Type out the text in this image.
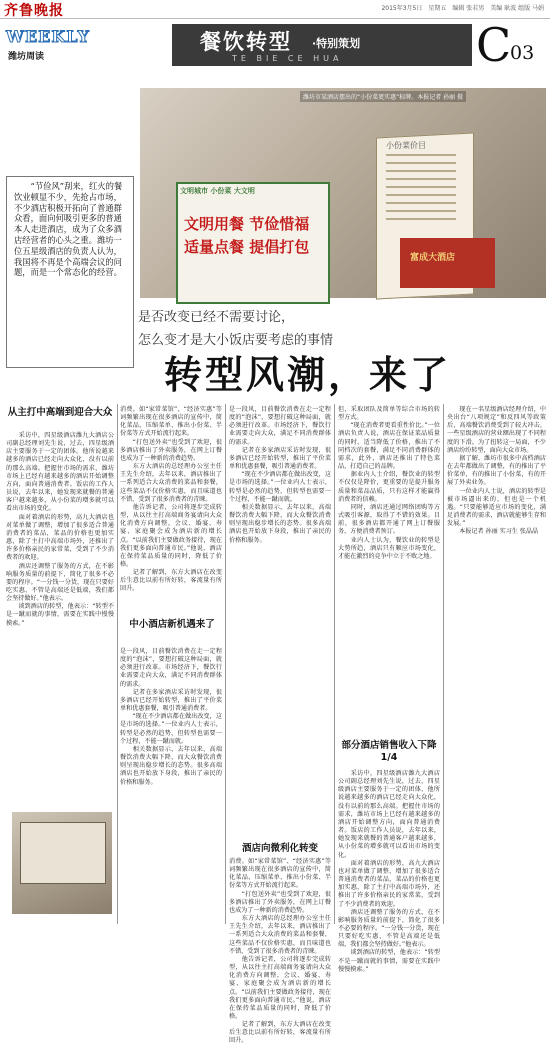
齐鲁晚报	2015年3月5日　星期五　编辑 张若男　美编 耿波 组版 马娟
WEEKLY
潍坊周读
餐饮转型 ·特别策划
TE BIE CE HUA	C
03
小份菜价目
富成大酒店
文明城市 小份菜 大文明
文明用餐 节俭惜福
适量点餐 提倡打包
潍坊市某酒店摆出的“小份菜更实惠”标牌。本报记者 孙丽 摄
　　“节俭风”刮来，红火的餐饮业顿显不少，先抢占市场，不少酒店积极开拓向了普通群众看，面向何吸引更多的普通本人走进酒店，成为了众多酒店经营者的心头之重。潍坊一位五星级酒店的负责人认为，我国将不再是个高端会议的问题，而是一个常态化的经营。
是否改变已经不需要讨论，
怎么变才是大小饭店要考虑的事情
转型风潮，来了
从主打中高端到迎合大众
　　采访中，四星级酒店潍九大酒店公司副总经理刘先生说，过去，四星级酒店主要服务于一定的团体，他所说越来越多的酒店已经走向大众化，没有以前的那么高端。把握住市场的需求，潍坊市场上已经有越来越多的酒店开始调整方向，面向普通消费者。饭店的工作人员说，去年以来，她发现来就餐的普通客户越来越多，从小份菜的增多就可以看出市场的变化。
　　面对着酒店的形势，高九大酒店也对菜单做了调整，增加了很多适合普通消费者的菜品，菜品的价格也更加实惠，除了主打中高端市场外，还推出了许多价格亲民的家常菜，受到了不少消费者的欢迎。
　　酒店还调整了服务的方式，在不影响服务质量的前提下，简化了很多不必要的程序。“一分钱一分货，现在只要好吃实惠，不管是高端还是低端，我们都会坚持做好。”他表示。
　　谈到酒店的转型，他表示：“转型不是一蹴而就的事情，需要在实践中慢慢摸索。”
消费。如“家常菜馆”、“经济实惠”等词频繁出现在很多酒店的宣传中，简化菜品、压缩菜单、推出小份菜、半份菜等方式开始流行起来。
　　“打包送外卖”也受到了欢迎，很多酒店推出了外卖服务，在网上订餐也成为了一种新的消费趋势。
　　东方大酒店的总经理办公室主任王先生介绍，去年以来，酒店推出了一系列适合大众消费的菜品和套餐，这些菜品不仅价格实惠，而且味道也不错，受到了很多消费者的青睐。
　　他告诉记者，公司将逐步完成转型，从以往主打高端商务宴请向大众化消费方向调整，会议、婚宴、寿宴、家庭聚会成为酒店新的增长点。“以前我们主要做政务接待，现在我们更多面向普通市民。”他说，酒店在保持菜品质量的同时，降低了价格。
　　记者了解到，东方大酒店在改变后生意比以前有所好转，客流量有所回升。
中小酒店新机遇来了
是一段风，目前餐饮消费在走一定程度的“泡沫”，要想打破这种局面，就必须进行改革。市场经济下，餐饮行业需要走向大众，满足不同消费群体的需求。
　　记者在多家酒店采访时发现，很多酒店已经开始转型，推出了平价菜单和优惠套餐，吸引普通消费者。
　　“现在不少酒店都在做出改变，这是市场的选择。”一位业内人士表示，转型是必然的趋势，但转型也需要一个过程，不能一蹴而就。
　　相关数据显示，去年以来，高端餐饮消费大幅下降，而大众餐饮消费则呈现出稳步增长的态势。很多高端酒店也开始放下身段，推出了亲民的价格和服务。
是一段风，目前餐饮消费在走一定程度的“泡沫”，要想打破这种局面，就必须进行改革。市场经济下，餐饮行业需要走向大众，满足不同消费群体的需求。
　　记者在多家酒店采访时发现，很多酒店已经开始转型，推出了平价菜单和优惠套餐，吸引普通消费者。
　　“现在不少酒店都在做出改变，这是市场的选择。”一位业内人士表示，转型是必然的趋势，但转型也需要一个过程，不能一蹴而就。
　　相关数据显示，去年以来，高端餐饮消费大幅下降，而大众餐饮消费则呈现出稳步增长的态势。很多高端酒店也开始放下身段，推出了亲民的价格和服务。
酒店向微利化转变
消费。如“家常菜馆”、“经济实惠”等词频繁出现在很多酒店的宣传中，简化菜品、压缩菜单、推出小份菜、半份菜等方式开始流行起来。
　　“打包送外卖”也受到了欢迎，很多酒店推出了外卖服务，在网上订餐也成为了一种新的消费趋势。
　　东方大酒店的总经理办公室主任王先生介绍，去年以来，酒店推出了一系列适合大众消费的菜品和套餐，这些菜品不仅价格实惠，而且味道也不错，受到了很多消费者的青睐。
　　他告诉记者，公司将逐步完成转型，从以往主打高端商务宴请向大众化消费方向调整，会议、婚宴、寿宴、家庭聚会成为酒店新的增长点。“以前我们主要做政务接待，现在我们更多面向普通市民。”他说，酒店在保持菜品质量的同时，降低了价格。
　　记者了解到，东方大酒店在改变后生意比以前有所好转，客流量有所回升。
但，采取团队及简单等综合市场的转型方式。
　　“现在消费者更看重性价比。”一位酒店负责人说，酒店在保证菜品质量的同时，适当降低了价格，推出了不同档次的套餐，满足不同消费群体的需求，此外，酒店还推出了特色菜品，打造自己的品牌。
　　据业内人士介绍，餐饮业的转型不仅仅是降价，更重要的是提升服务质量和菜品品质，只有这样才能赢得消费者的信赖。
　　同时，酒店还通过网络团购等方式吸引客源，取得了不错的效果。目前，很多酒店都开通了网上订餐服务，方便消费者预订。
　　业内人士认为，餐饮业的转型是大势所趋，酒店只有顺应市场变化，才能在激烈的竞争中立于不败之地。
部分酒店销售收入下降1/4
　　采访中，四星级酒店潍九大酒店公司副总经理刘先生说，过去，四星级酒店主要服务于一定的团体，他所说越来越多的酒店已经走向大众化，没有以前的那么高端。把握住市场的需求，潍坊市场上已经有越来越多的酒店开始调整方向，面向普通消费者。饭店的工作人员说，去年以来，她发现来就餐的普通客户越来越多，从小份菜的增多就可以看出市场的变化。
　　面对着酒店的形势，高九大酒店也对菜单做了调整，增加了很多适合普通消费者的菜品，菜品的价格也更加实惠，除了主打中高端市场外，还推出了许多价格亲民的家常菜，受到了不少消费者的欢迎。
　　酒店还调整了服务的方式，在不影响服务质量的前提下，简化了很多不必要的程序。“一分钱一分货，现在只要好吃实惠，不管是高端还是低端，我们都会坚持做好。”他表示。
　　谈到酒店的转型，他表示：“转型不是一蹴而就的事情，需要在实践中慢慢摸索。”
　　现在一名星级酒店经理介绍，中央出台“八项规定”和反四风等政策后，高端餐饮消费受到了较大冲击，一些星级酒店的营业额出现了不同程度的下滑。为了扭转这一局面，不少酒店纷纷转型，面向大众市场。
　　据了解，潍坊市很多中高档酒店在去年都做出了调整，有的推出了平价菜单，有的推出了小份菜，有的开展了外卖业务。
　　一位业内人士说，酒店的转型是被市场逼出来的，但也是一个机遇。“只要能够适应市场的变化，满足消费者的需求，酒店就能够生存和发展。”
　　本报记者 孙丽 实习生 张晶晶
